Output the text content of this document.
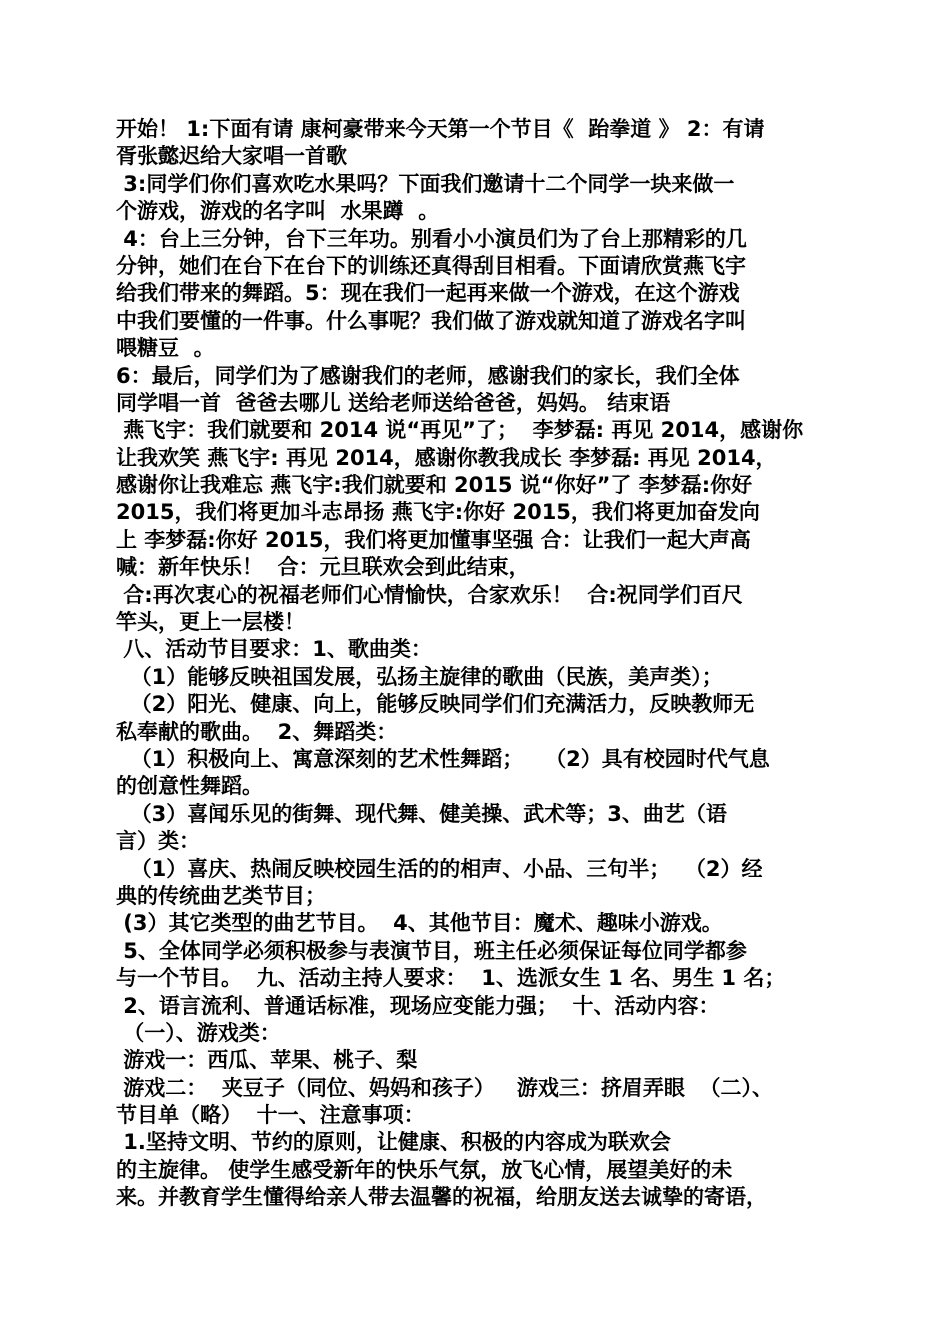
开始！ 1:下面有请 康柯豪带来今天第一个节目《  跆拳道 》 2：有请
胥张懿迟给大家唱一首歌
3:同学们你们喜欢吃水果吗？下面我们邀请十二个同学一块来做一
个游戏，游戏的名字叫  水果蹲  。
4：台上三分钟，台下三年功。别看小小演员们为了台上那精彩的几
分钟，她们在台下在台下的训练还真得刮目相看。下面请欣赏燕飞宇
给我们带来的舞蹈。5：现在我们一起再来做一个游戏，在这个游戏
中我们要懂的一件事。什么事呢？我们做了游戏就知道了游戏名字叫
喂糖豆  。
6：最后，同学们为了感谢我们的老师，感谢我们的家长，我们全体
同学唱一首  爸爸去哪儿 送给老师送给爸爸，妈妈。 结束语
燕飞宇：我们就要和 2014 说“再见”了；  李梦磊: 再见 2014，感谢你
让我欢笑 燕飞宇: 再见 2014，感谢你教我成长 李梦磊: 再见 2014，
感谢你让我难忘 燕飞宇:我们就要和 2015 说“你好”了 李梦磊:你好
2015，我们将更加斗志昂扬 燕飞宇:你好 2015，我们将更加奋发向
上 李梦磊:你好 2015，我们将更加懂事坚强 合：让我们一起大声高
喊：新年快乐！  合：元旦联欢会到此结束，
合:再次衷心的祝福老师们心情愉快，合家欢乐！  合:祝同学们百尺
竿头，更上一层楼！
八、活动节目要求：1、歌曲类：
（1）能够反映祖国发展，弘扬主旋律的歌曲（民族，美声类）；
（2）阳光、健康、向上，能够反映同学们们充满活力，反映教师无
私奉献的歌曲。  2、舞蹈类：
（1）积极向上、寓意深刻的艺术性舞蹈；   （2）具有校园时代气息
的创意性舞蹈。
（3）喜闻乐见的街舞、现代舞、健美操、武术等；3、曲艺（语
言）类：
（1）喜庆、热闹反映校园生活的的相声、小品、三句半；  （2）经
典的传统曲艺类节目；
(3）其它类型的曲艺节目。  4、其他节目：魔术、趣味小游戏。
5、全体同学必须积极参与表演节目，班主任必须保证每位同学都参
与一个节目。  九、活动主持人要求：  1、选派女生 1 名、男生 1 名；
2、语言流利、普通话标准，现场应变能力强；  十、活动内容：
（一）、游戏类：
游戏一：西瓜、苹果、桃子、梨
游戏二：  夹豆子（同位、妈妈和孩子）   游戏三：挤眉弄眼  （二）、
节目单（略）  十一、注意事项：
1.坚持文明、节约的原则，让健康、积极的内容成为联欢会
的主旋律。 使学生感受新年的快乐气氛，放飞心情，展望美好的未
来。并教育学生懂得给亲人带去温馨的祝福，给朋友送去诚挚的寄语，
